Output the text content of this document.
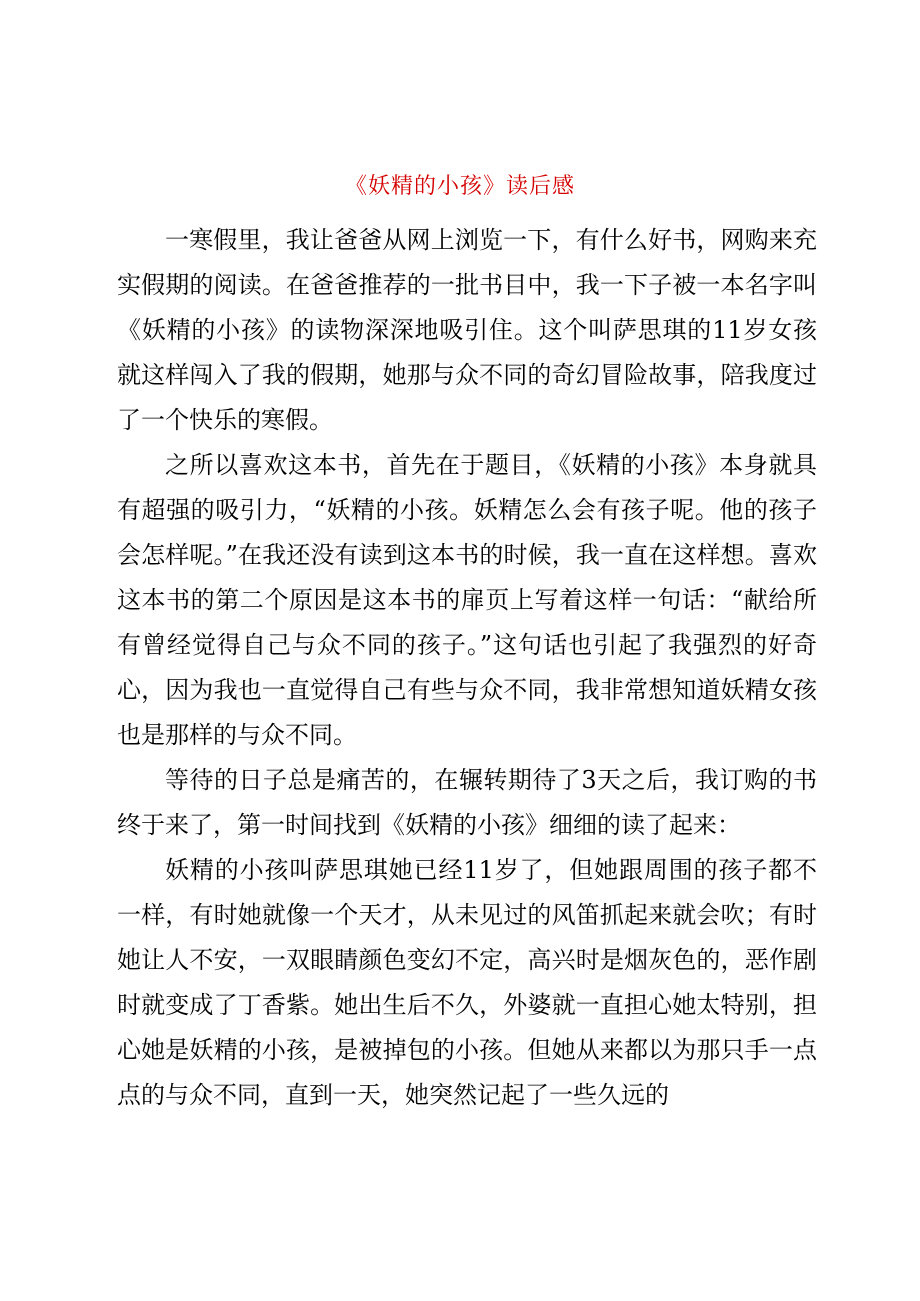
《妖精的小孩》读后感

一寒假里，我让爸爸从网上浏览一下，有什么好书，网购来充实假期的阅读。在爸爸推荐的一批书目中，我一下子被一本名字叫《妖精的小孩》的读物深深地吸引住。这个叫萨思琪的11岁女孩就这样闯入了我的假期，她那与众不同的奇幻冒险故事，陪我度过了一个快乐的寒假。

之所以喜欢这本书，首先在于题目，《妖精的小孩》本身就具有超强的吸引力，“妖精的小孩。妖精怎么会有孩子呢。他的孩子会怎样呢。”在我还没有读到这本书的时候，我一直在这样想。喜欢这本书的第二个原因是这本书的扉页上写着这样一句话：“献给所有曾经觉得自己与众不同的孩子。”这句话也引起了我强烈的好奇心，因为我也一直觉得自己有些与众不同，我非常想知道妖精女孩也是那样的与众不同。

等待的日子总是痛苦的，在辗转期待了3天之后，我订购的书终于来了，第一时间找到《妖精的小孩》细细的读了起来：

妖精的小孩叫萨思琪她已经11岁了，但她跟周围的孩子都不一样，有时她就像一个天才，从未见过的风笛抓起来就会吹；有时她让人不安，一双眼睛颜色变幻不定，高兴时是烟灰色的，恶作剧时就变成了丁香紫。她出生后不久，外婆就一直担心她太特别，担心她是妖精的小孩，是被掉包的小孩。但她从来都以为那只手一点点的与众不同，直到一天，她突然记起了一些久远的
